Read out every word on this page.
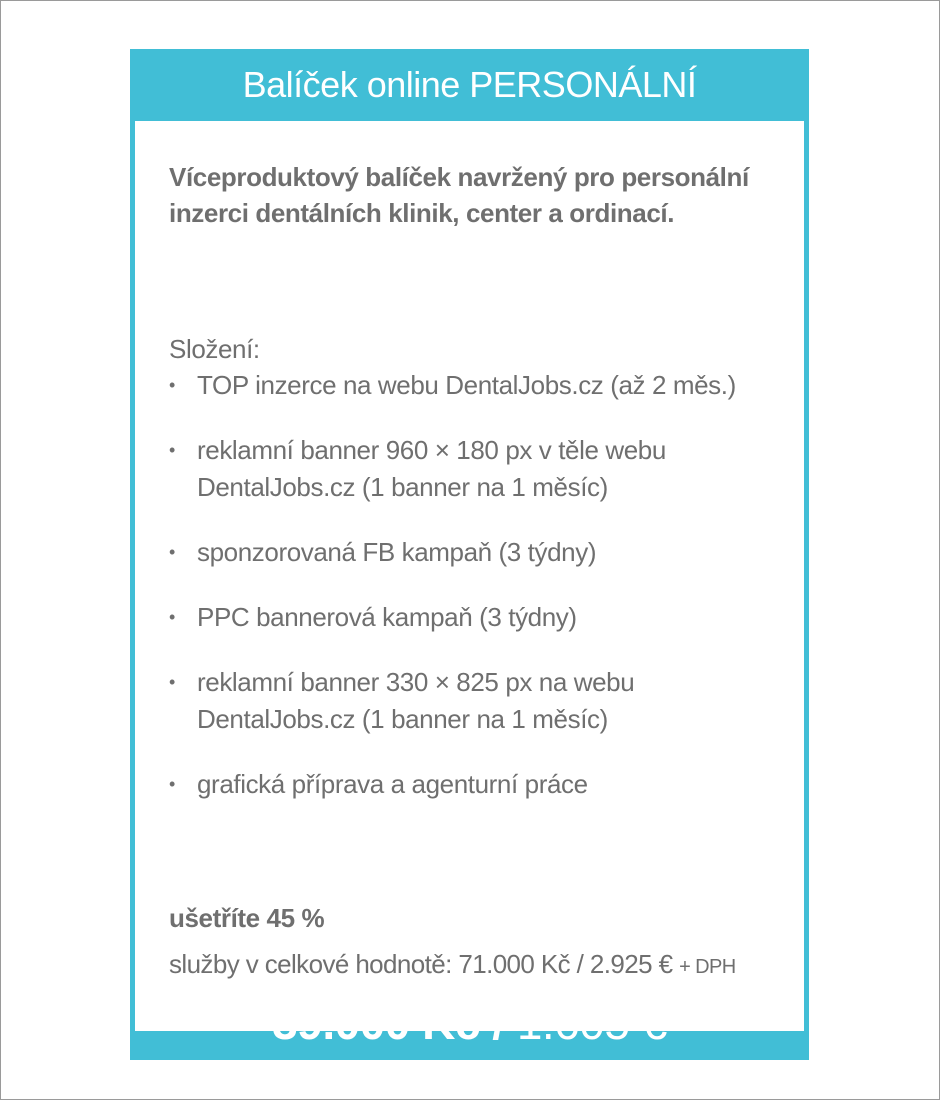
Balíček online PERSONÁLNÍ
Víceproduktový balíček navržený pro personální inzerci dentálních klinik, center a ordinací.
Složení:
• TOP inzerce na webu DentalJobs.cz (až 2 měs.)
• reklamní banner 960 × 180 px v těle webu DentalJobs.cz (1 banner na 1 měsíc)
• sponzorovaná FB kampaň (3 týdny)
• PPC bannerová kampaň (3 týdny)
• reklamní banner 330 × 825 px na webu DentalJobs.cz (1 banner na 1 měsíc)
• grafická příprava a agenturní práce
ušetříte 45 %
služby v celkové hodnotě: 71.000 Kč / 2.925 € + DPH
39.000 Kč /
1.605 €
